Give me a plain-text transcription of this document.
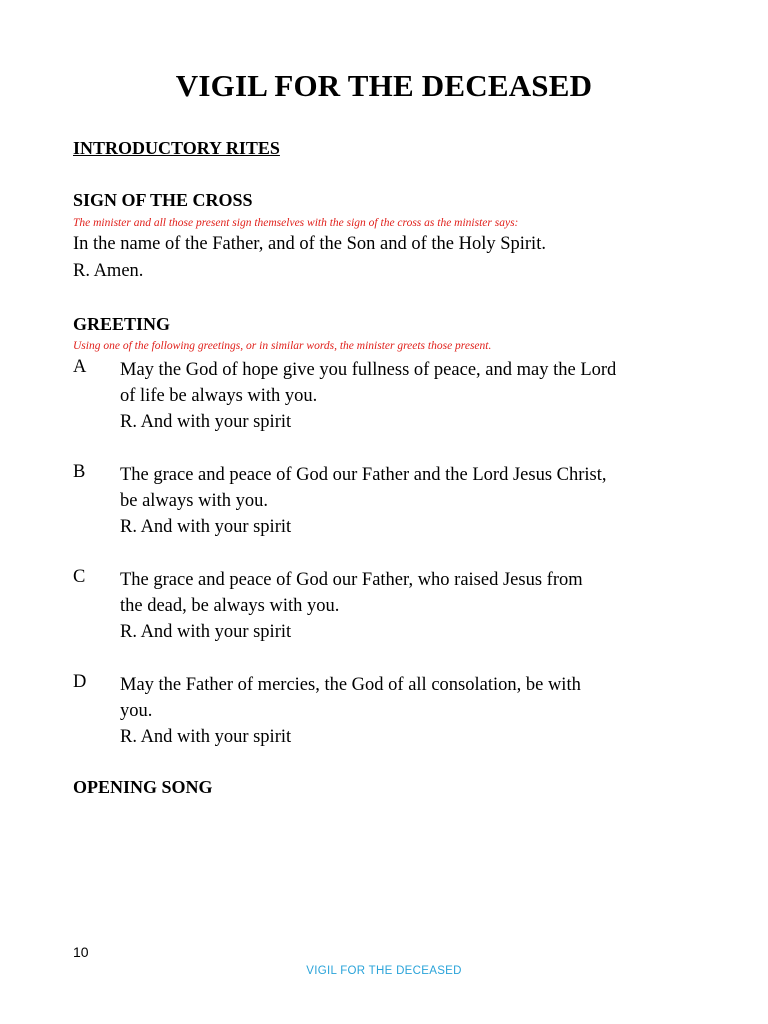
VIGIL FOR THE DECEASED
INTRODUCTORY RITES
SIGN OF THE CROSS
The minister and all those present sign themselves with the sign of the cross as the minister says:
In the name of the Father, and of the Son and of the Holy Spirit.
R. Amen.
GREETING
Using one of the following greetings, or in similar words, the minister greets those present.
A May the God of hope give you fullness of peace, and may the Lord
of life be always with you.
R. And with your spirit
B The grace and peace of God our Father and the Lord Jesus Christ,
be always with you.
R. And with your spirit
C The grace and peace of God our Father, who raised Jesus from
the dead, be always with you.
R. And with your spirit
D May the Father of mercies, the God of all consolation, be with
you.
R. And with your spirit
OPENING SONG
10
VIGIL FOR THE DECEASED
